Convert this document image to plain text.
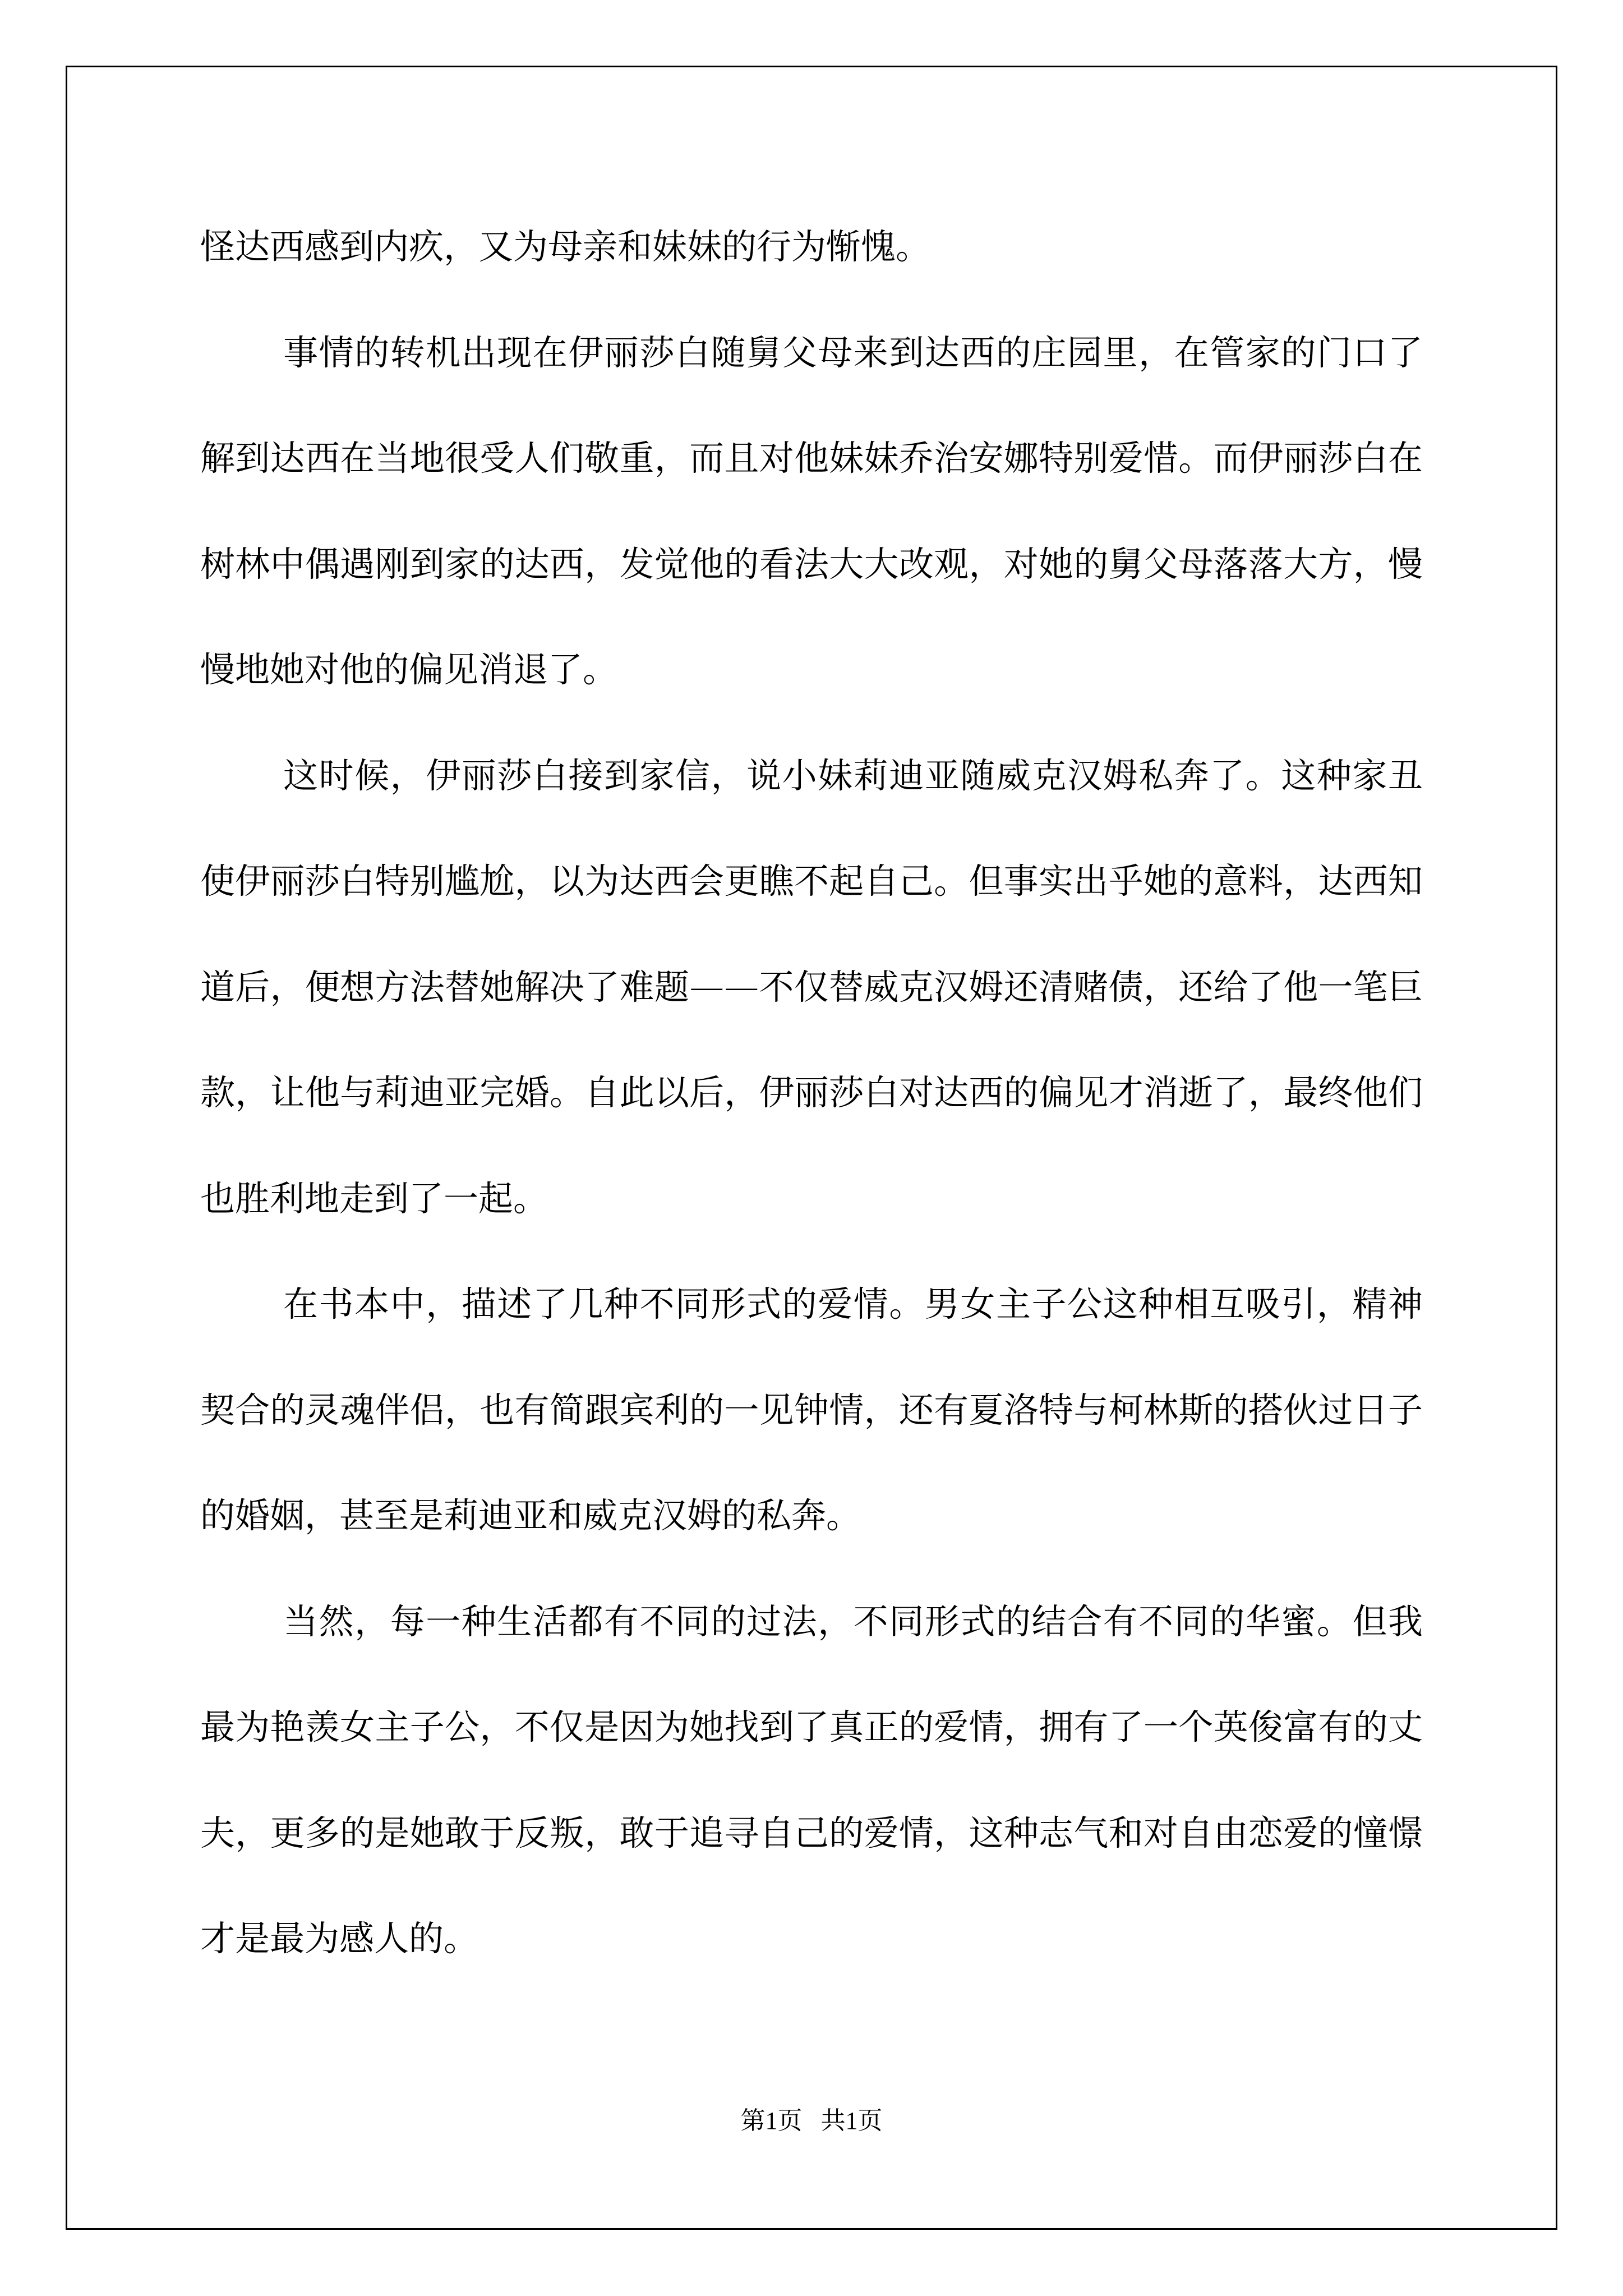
怪达西感到内疚，又为母亲和妹妹的行为惭愧。

事情的转机出现在伊丽莎白随舅父母来到达西的庄园里，在管家的门口了解到达西在当地很受人们敬重，而且对他妹妹乔治安娜特别爱惜。而伊丽莎白在树林中偶遇刚到家的达西，发觉他的看法大大改观，对她的舅父母落落大方，慢慢地她对他的偏见消退了。

这时候，伊丽莎白接到家信，说小妹莉迪亚随威克汉姆私奔了。这种家丑使伊丽莎白特别尴尬，以为达西会更瞧不起自己。但事实出乎她的意料，达西知道后，便想方法替她解决了难题——不仅替威克汉姆还清赌债，还给了他一笔巨款，让他与莉迪亚完婚。自此以后，伊丽莎白对达西的偏见才消逝了，最终他们也胜利地走到了一起。

在书本中，描述了几种不同形式的爱情。男女主子公这种相互吸引，精神契合的灵魂伴侣，也有简跟宾利的一见钟情，还有夏洛特与柯林斯的搭伙过日子的婚姻，甚至是莉迪亚和威克汉姆的私奔。

当然，每一种生活都有不同的过法，不同形式的结合有不同的华蜜。但我最为艳羡女主子公，不仅是因为她找到了真正的爱情，拥有了一个英俊富有的丈夫，更多的是她敢于反叛，敢于追寻自己的爱情，这种志气和对自由恋爱的憧憬才是最为感人的。

第1页   共1页
